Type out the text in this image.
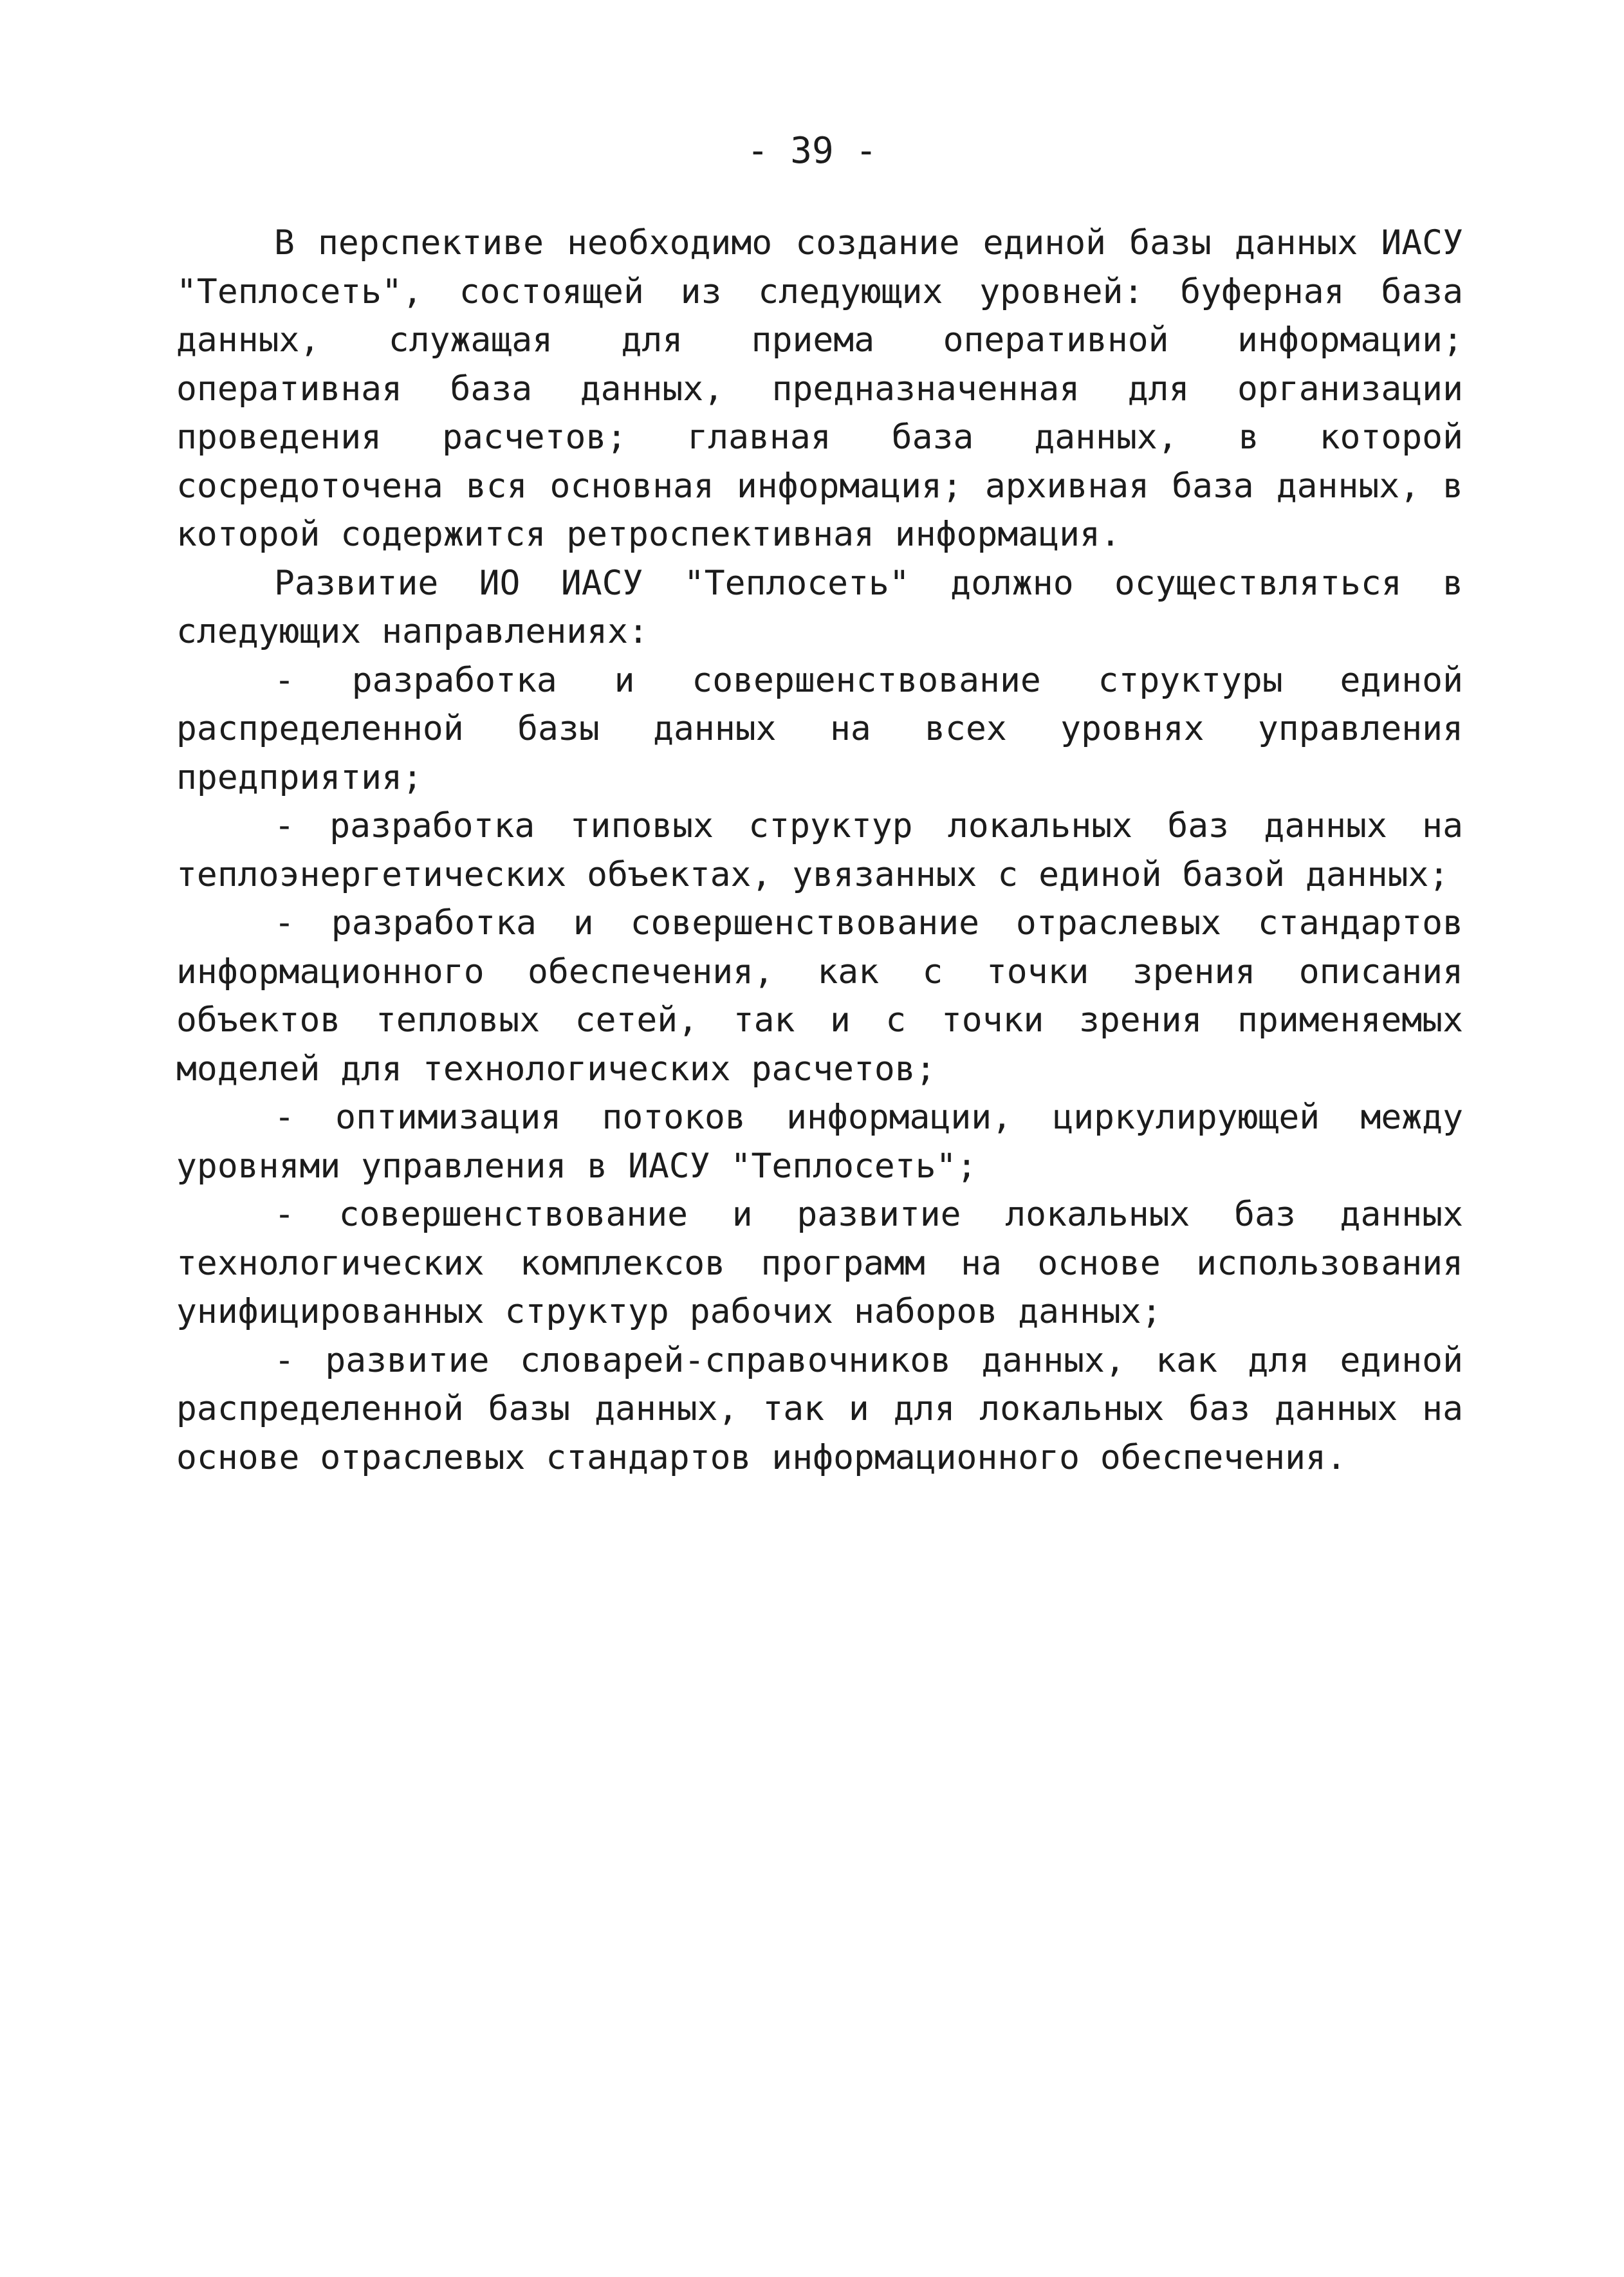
- 39 -

В перспективе необходимо создание единой базы данных ИАСУ "Теплосеть", состоящей из следующих уровней: буферная база данных, служащая для приема оперативной информации; оперативная база данных, предназначенная для организации проведения расчетов; главная база данных, в которой сосредоточена вся основная информация; архивная база данных, в которой содержится ретроспективная информация.

Развитие ИО ИАСУ "Теплосеть" должно осуществляться в следующих направлениях:

- разработка и совершенствование структуры единой распределенной базы данных на всех уровнях управления предприятия;

- разработка типовых структур локальных баз данных на теплоэнергетических объектах, увязанных с единой базой данных;

- разработка и совершенствование отраслевых стандартов информационного обеспечения, как с точки зрения описания объектов тепловых сетей, так и с точки зрения применяемых моделей для технологических расчетов;

- оптимизация потоков информации, циркулирующей между уровнями управления в ИАСУ "Теплосеть";

- совершенствование и развитие локальных баз данных технологических комплексов программ на основе использования унифицированных структур рабочих наборов данных;

- развитие словарей-справочников данных, как для единой распределенной базы данных, так и для локальных баз данных на основе отраслевых стандартов информационного обеспечения.
